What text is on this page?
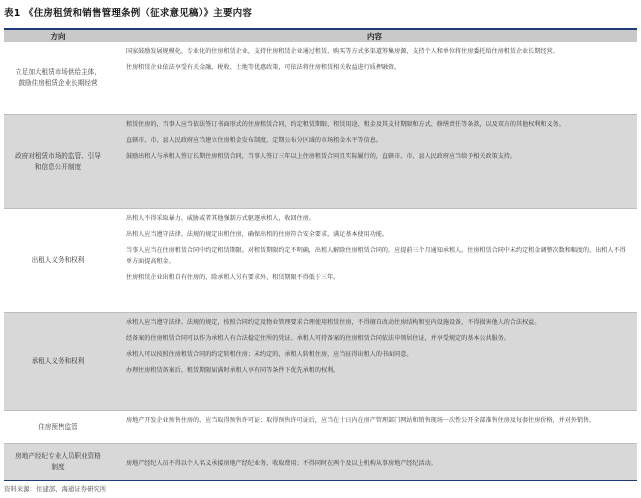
表1 《住房租赁和销售管理条例（征求意见稿）》主要内容
方向	内容
立足加大租赁市场供给主体，鼓励住房租赁企业长期经营

国家鼓励发展规模化、专业化的住房租赁企业，支持住房租赁企业通过租赁、购买等方式多渠道筹集房源，支持个人和单位将住房委托给住房租赁企业长期经营。

住房租赁企业依法享受有关金融、税收、土地等优惠政策，可依法将住房租赁相关收益进行质押融资。

政府对租赁市场的监管、引导和信息公开制度

租赁住房的，当事人应当依法签订书面形式的住房租赁合同，约定租赁期限、租赁用途、租金及其支付期限和方式、修缮责任等条款，以及双方的其他权利和义务。

直辖市、市、县人民政府应当建立住房租金发布制度，定期公布分区域的市场租金水平等信息。

鼓励出租人与承租人签订长期住房租赁合同，当事人签订三年以上住房租赁合同且实际履行的，直辖市、市、县人民政府应当给予相关政策支持。

出租人义务和权利

出租人不得采取暴力、威胁或者其他强制方式驱逐承租人，收回住房。

出租人应当遵守法律、法规的规定出租住房，确保出租的住房符合安全要求，满足基本使用功能。

当事人应当在住房租赁合同中约定租赁期限。对租赁期限约定不明确，出租人解除住房租赁合同的，应提前三个月通知承租人。住房租赁合同中未约定租金调整次数和幅度的，出租人不得单方面提高租金。

住房租赁企业出租自有住房的，除承租人另有要求外，租赁期限不得低于三年。

承租人义务和权利

承租人应当遵守法律、法规的规定，按照合同约定及物业管理要求合理使用租赁住房，不得擅自改动住房结构和室内设施设备，不得损害他人的合法权益。

经备案的住房租赁合同可以作为承租人有合法稳定住所的凭证。承租人可持备案的住房租赁合同依法申领居住证，并享受规定的基本公共服务。

承租人可以按照住房租赁合同的约定转租住房；未约定的，承租人转租住房，应当征得出租人的书面同意。

办理住房租赁备案后，租赁期限届满时承租人享有同等条件下优先承租的权利。

住房预售监管

房地产开发企业预售住房的，应当取得预售许可证；取得预售许可证后，应当在十日内在房产管理部门网站和销售现场一次性公开全部准售住房及每套住房价格，并对外销售。

房地产经纪专业人员职业资格制度	房地产经纪人员不得以个人名义承接房地产经纪业务，收取费用；不得同时在两个及以上机构从事房地产经纪活动。

资料来源：住建部、海通证券研究所
